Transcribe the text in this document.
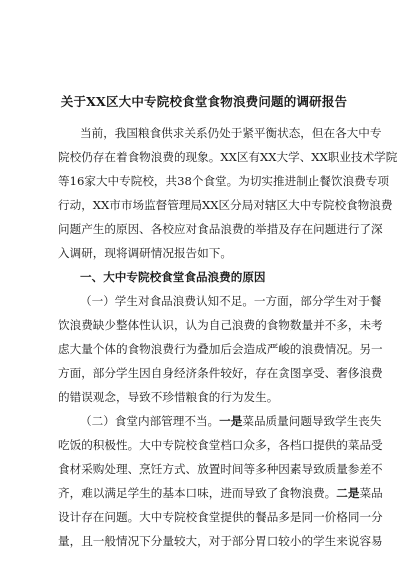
关于XX区大中专院校食堂食物浪费问题的调研报告

当前，我国粮食供求关系仍处于紧平衡状态，但在各大中专

院校仍存在着食物浪费的现象。XX区有XX大学、XX职业技术学院

等16家大中专院校，共38个食堂。为切实推进制止餐饮浪费专项

行动，XX市市场监督管理局XX区分局对辖区大中专院校食物浪费

问题产生的原因、各校应对食品浪费的举措及存在问题进行了深

入调研，现将调研情况报告如下。

一、大中专院校食堂食品浪费的原因

（一）学生对食品浪费认知不足。一方面，部分学生对于餐

饮浪费缺少整体性认识，认为自己浪费的食物数量并不多，未考

虑大量个体的食物浪费行为叠加后会造成严峻的浪费情况。另一

方面，部分学生因自身经济条件较好，存在贪图享受、奢侈浪费

的错误观念，导致不珍惜粮食的行为发生。

（二）食堂内部管理不当。一是菜品质量问题导致学生丧失

吃饭的积极性。大中专院校食堂档口众多，各档口提供的菜品受

食材采购处理、烹饪方式、放置时间等多种因素导致质量参差不

齐，难以满足学生的基本口味，进而导致了食物浪费。二是菜品

设计存在问题。大中专院校食堂提供的餐品多是同一价格同一分

量，且一般情况下分量较大，对于部分胃口较小的学生来说容易
